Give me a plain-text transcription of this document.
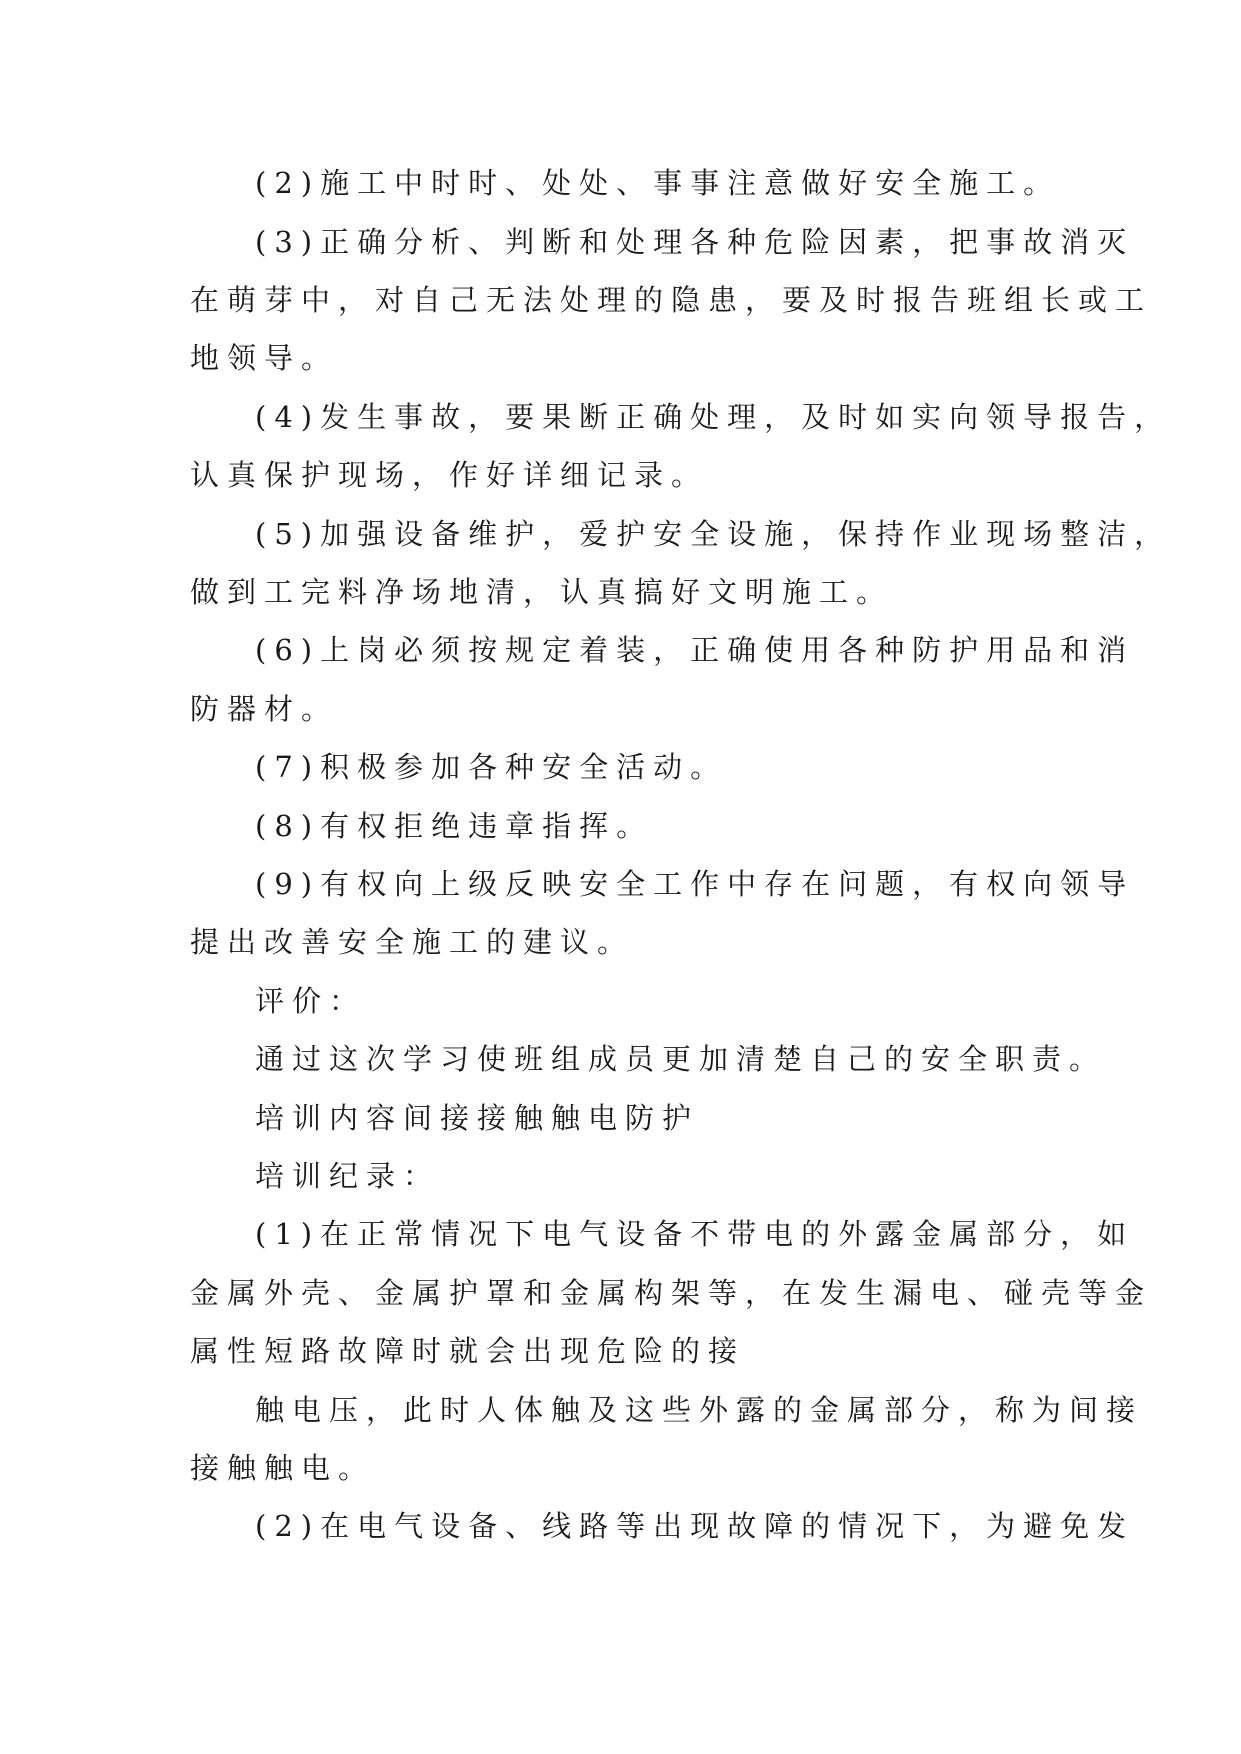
(2)施工中时时、处处、事事注意做好安全施工。
(3)正确分析、判断和处理各种危险因素，把事故消灭
在萌芽中，对自己无法处理的隐患，要及时报告班组长或工
地领导。
(4)发生事故，要果断正确处理，及时如实向领导报告，
认真保护现场，作好详细记录。
(5)加强设备维护，爱护安全设施，保持作业现场整洁，
做到工完料净场地清，认真搞好文明施工。
(6)上岗必须按规定着装，正确使用各种防护用品和消
防器材。
(7)积极参加各种安全活动。
(8)有权拒绝违章指挥。
(9)有权向上级反映安全工作中存在问题，有权向领导
提出改善安全施工的建议。
评价：
通过这次学习使班组成员更加清楚自己的安全职责。
培训内容间接接触触电防护
培训纪录：
(1)在正常情况下电气设备不带电的外露金属部分，如
金属外壳、金属护罩和金属构架等，在发生漏电、碰壳等金
属性短路故障时就会出现危险的接
触电压，此时人体触及这些外露的金属部分，称为间接
接触触电。
(2)在电气设备、线路等出现故障的情况下，为避免发
